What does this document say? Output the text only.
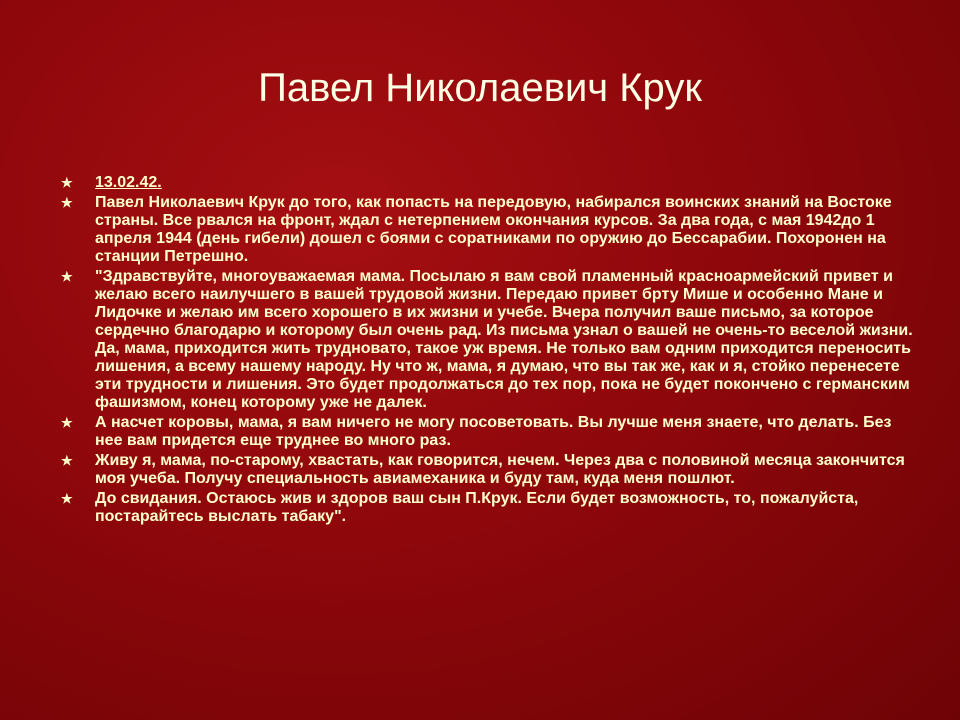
Павел Николаевич Крук
★ 13.02.42.
★ Павел Николаевич Крук до того, как попасть на передовую, набирался воинских знаний на Востоке страны. Все рвался на фронт, ждал с нетерпением окончания курсов. За два года, с мая 1942до 1 апреля 1944 (день гибели) дошел с боями с соратниками по оружию до Бессарабии. Похоронен на станции Петрешно.
★ "Здравствуйте, многоуважаемая мама. Посылаю я вам свой пламенный красноармейский привет и желаю всего наилучшего в вашей трудовой жизни. Передаю привет брту Мише и особенно Мане и Лидочке и желаю им всего хорошего в их жизни и учебе. Вчера получил ваше письмо, за которое сердечно благодарю и которому был очень рад. Из письма узнал о вашей не очень-то веселой жизни. Да, мама, приходится жить трудновато, такое уж время. Не только вам одним приходится переносить лишения, а всему нашему народу. Ну что ж, мама, я думаю, что вы так же, как и я, стойко перенесете эти трудности и лишения. Это будет продолжаться до тех пор, пока не будет покончено с германским фашизмом, конец которому уже не далек.
★ А насчет коровы, мама, я вам ничего не могу посоветовать. Вы лучше меня знаете, что делать. Без нее вам придется еще труднее во много раз.
★ Живу я, мама, по-старому, хвастать, как говорится, нечем. Через два с половиной месяца закончится моя учеба. Получу специальность авиамеханика и буду там, куда меня пошлют.
★ До свидания. Остаюсь жив и здоров ваш сын П.Крук. Если будет возможность, то, пожалуйста, постарайтесь выслать табаку".
